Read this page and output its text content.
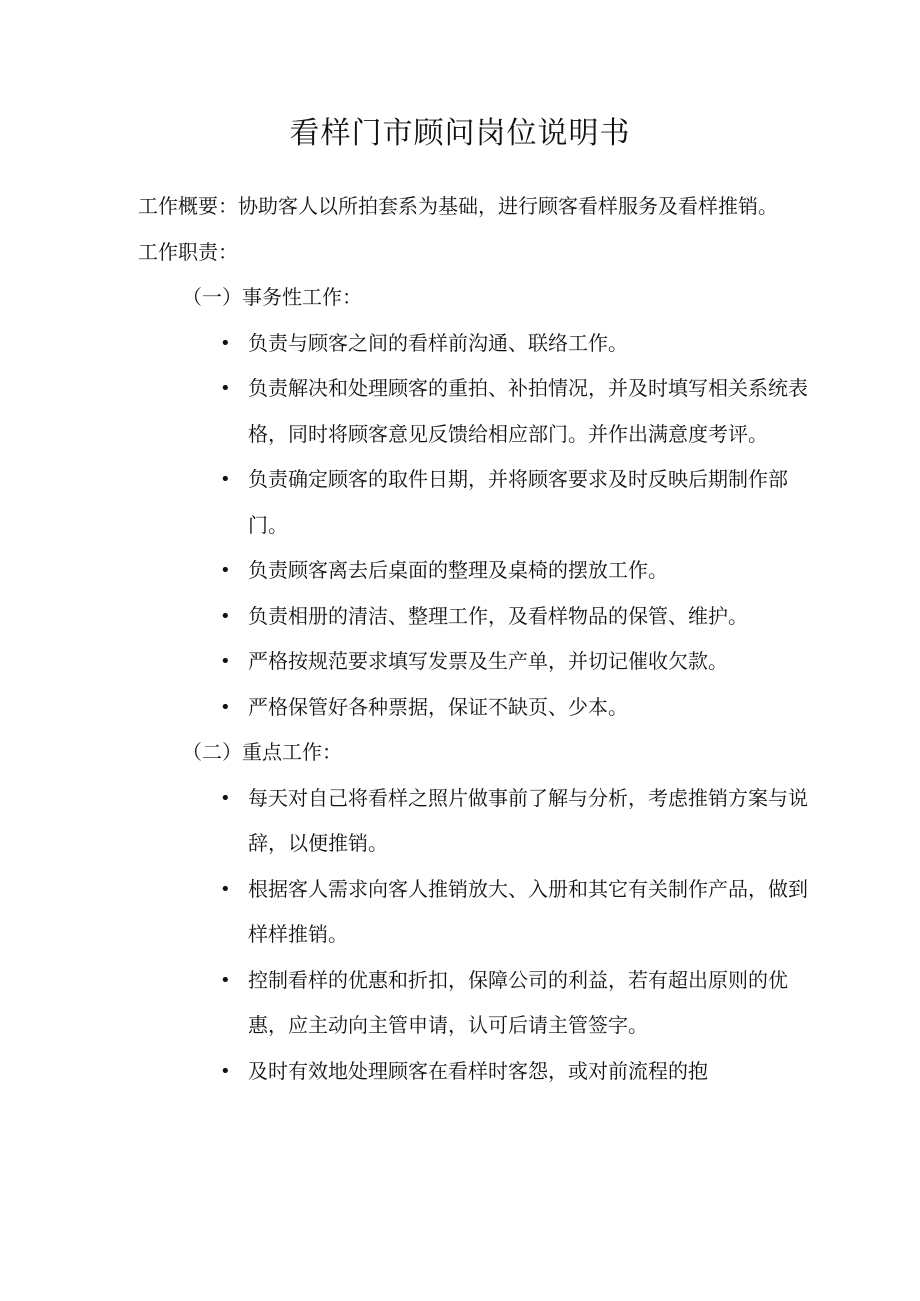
看样门市顾问岗位说明书

工作概要：协助客人以所拍套系为基础，进行顾客看样服务及看样推销。

工作职责：

（一）事务性工作：

• 负责与顾客之间的看样前沟通、联络工作。
• 负责解决和处理顾客的重拍、补拍情况，并及时填写相关系统表格，同时将顾客意见反馈给相应部门。并作出满意度考评。
• 负责确定顾客的取件日期，并将顾客要求及时反映后期制作部门。
• 负责顾客离去后桌面的整理及桌椅的摆放工作。
• 负责相册的清洁、整理工作，及看样物品的保管、维护。
• 严格按规范要求填写发票及生产单，并切记催收欠款。
• 严格保管好各种票据，保证不缺页、少本。

（二）重点工作：

• 每天对自己将看样之照片做事前了解与分析，考虑推销方案与说辞，以便推销。
• 根据客人需求向客人推销放大、入册和其它有关制作产品，做到样样推销。
• 控制看样的优惠和折扣，保障公司的利益，若有超出原则的优惠，应主动向主管申请，认可后请主管签字。
• 及时有效地处理顾客在看样时客怨，或对前流程的抱
